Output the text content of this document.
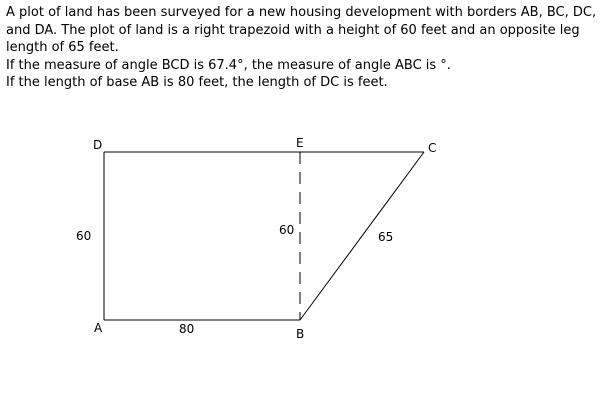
A plot of land has been surveyed for a new housing development with borders AB, BC, DC, and DA. The plot of land is a right trapezoid with a height of 60 feet and an opposite leg length of 65 feet.

If the measure of angle BCD is 67.4°, the measure of angle ABC is °.

If the length of base AB is 80 feet, the length of DC is feet.

D	E	C
A	B
60	60	65
80
